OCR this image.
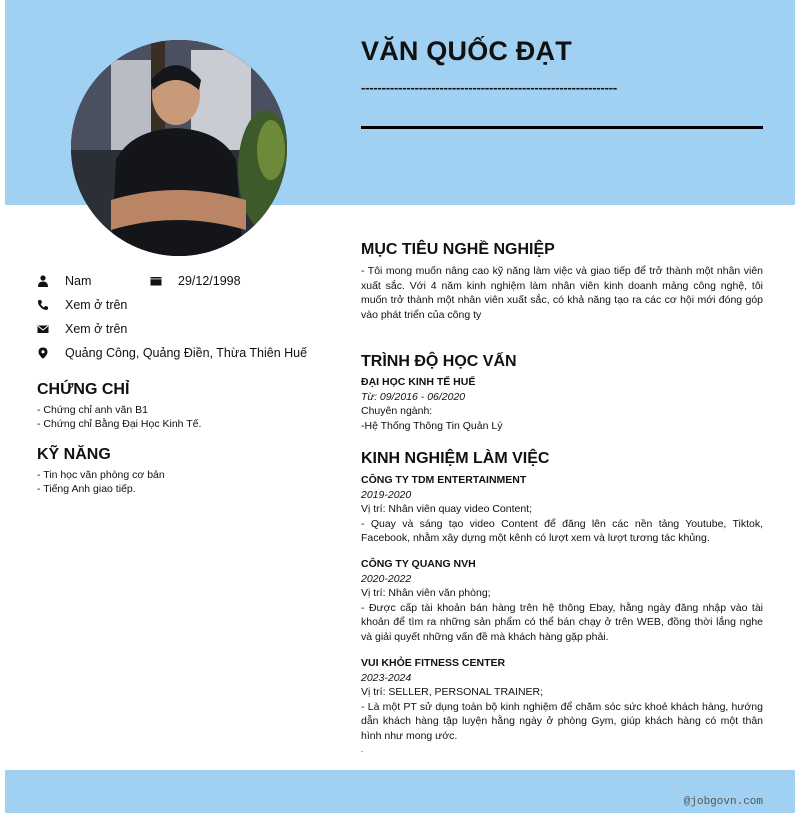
VĂN QUỐC ĐẠT
--------------------------------------------------------------
Nam	29/12/1998
Xem ở trên
Xem ở trên
Quảng Công, Quảng Điền, Thừa Thiên Huế
CHỨNG CHỈ
- Chứng chỉ anh văn B1
- Chứng chỉ Bằng Đại Học Kinh Tế.
KỸ NĂNG
- Tin học văn phòng cơ bản
- Tiếng Anh giao tiếp.
MỤC TIÊU NGHỀ NGHIỆP
- Tôi mong muốn nâng cao kỹ năng làm việc và giao tiếp để trở thành một nhân viên xuất sắc. Với 4 năm kinh nghiệm làm nhân viên kinh doanh mảng công nghệ, tôi muốn trở thành một nhân viên xuất sắc, có khả năng tạo ra các cơ hội mới đóng góp vào phát triển của công ty
TRÌNH ĐỘ HỌC VẤN
ĐẠI HỌC KINH TẾ HUẾ
Từ: 09/2016 - 06/2020
Chuyên ngành:
-Hệ Thống Thông Tin Quản Lý
KINH NGHIỆM LÀM VIỆC
CÔNG TY TDM ENTERTAINMENT
2019-2020
Vị trí: Nhân viên quay video Content;
- Quay và sáng tạo video Content để đăng lên các nền tảng Youtube, Tiktok, Facebook, nhằm xây dựng một kênh có lượt xem và lượt tương tác khủng.
CÔNG TY QUANG NVH
2020-2022
Vị trí: Nhân viên văn phòng;
- Được cấp tài khoản bán hàng trên hệ thông Ebay, hằng ngày đăng nhập vào tài khoản để tìm ra những sản phẩm có thể bán chạy ở trên WEB, đồng thời lắng nghe và giải quyết những vấn đề mà khách hàng gặp phải.
VUI KHỎE FITNESS CENTER
2023-2024
Vị trí: SELLER, PERSONAL TRAINER;
- Là một PT sử dụng toàn bộ kinh nghiệm để chăm sóc sức khoẻ khách hàng, hướng dẫn khách hàng tập luyện hằng ngày ở phòng Gym, giúp khách hàng có một thân hình như mong ước.
.
@jobgovn.com
